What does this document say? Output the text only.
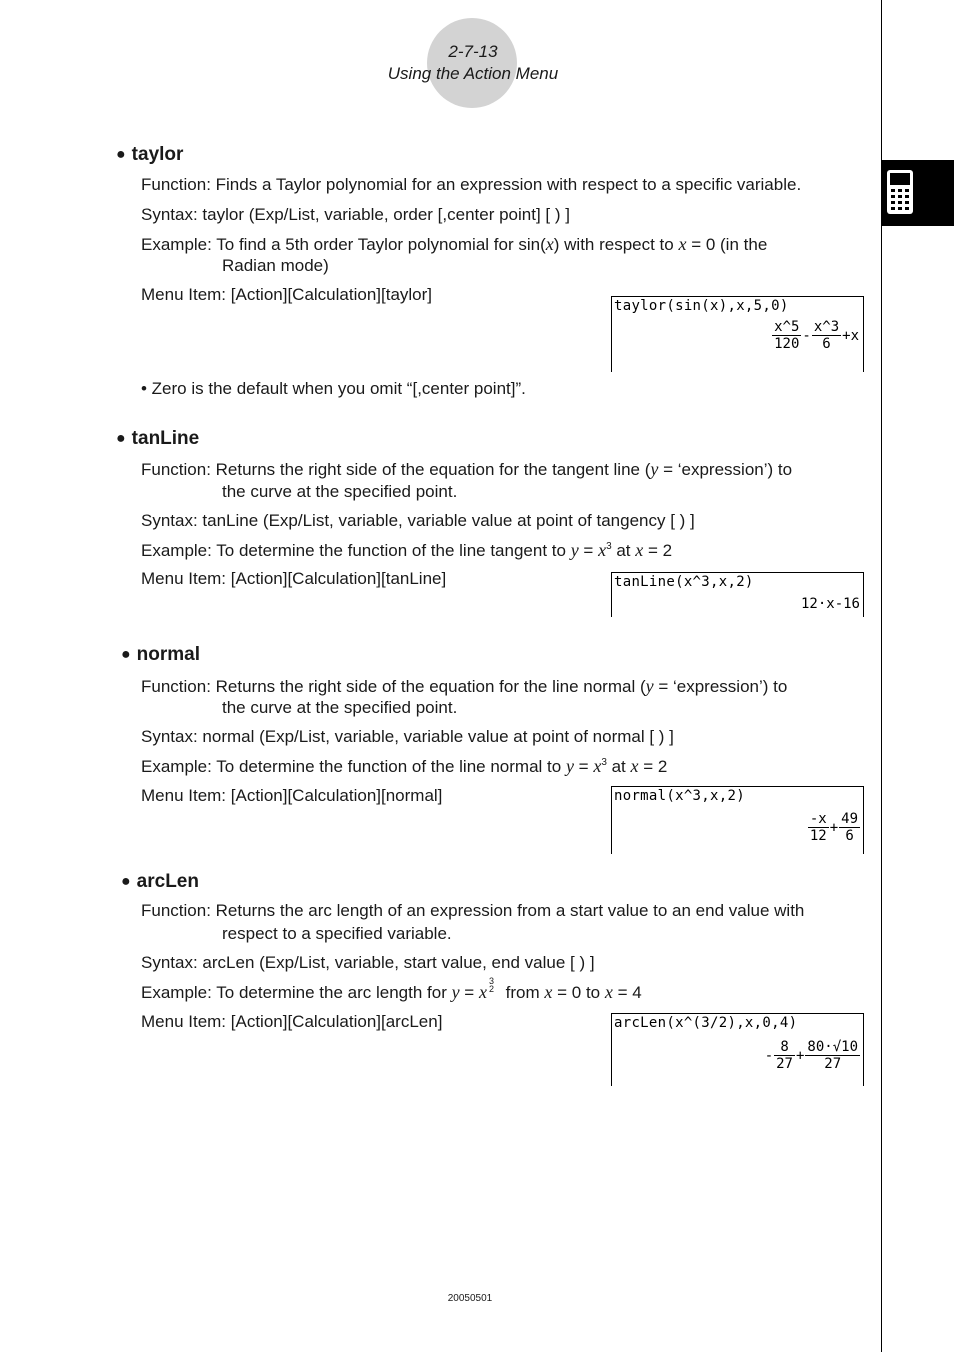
2-7-13
Using the Action Menu
● taylor
Function: Finds a Taylor polynomial for an expression with respect to a specific variable.
Syntax: taylor (Exp/List, variable, order [,center point] [ ) ]
Example: To find a 5th order Taylor polynomial for sin(x) with respect to x = 0 (in the
Radian mode)
Menu Item: [Action][Calculation][taylor]
taylor(sin(x),x,5,0)
$\frac{x\^{}5}{120} - \frac{x\^{}3}{6} +x$
• Zero is the default when you omit “[,center point]”.
● tanLine
Function: Returns the right side of the equation for the tangent line (y = ‘expression’) to
the curve at the specified point.
Syntax: tanLine (Exp/List, variable, variable value at point of tangency [ ) ]
Example: To determine the function of the line tangent to $y = x^3$ at x = 2
Menu Item: [Action][Calculation][tanLine]	tanLine(x^3,x,2)
12·x-16
● normal
Function: Returns the right side of the equation for the line normal (y = ‘expression’) to
the curve at the specified point.
Syntax: normal (Exp/List, variable, variable value at point of normal [ ) ]
Example: To determine the function of the line normal to $y = x^3$ at x = 2
Menu Item: [Action][Calculation][normal]	normal(x^3,x,2)
$\frac{-x}{12} + \frac{49}{6}$
● arcLen
Function: Returns the arc length of an expression from a start value to an end value with
respect to a specified variable.
Syntax: arcLen (Exp/List, variable, start value, end value [ ) ]
Example: To determine the arc length for y = x
3
2 from x = 0 to x = 4
Menu Item: [Action][Calculation][arcLen]	arcLen(x^(3/2),x,0,4)
- $\frac{8}{27} + \frac{80\cdot√10}{27}$
20050501
